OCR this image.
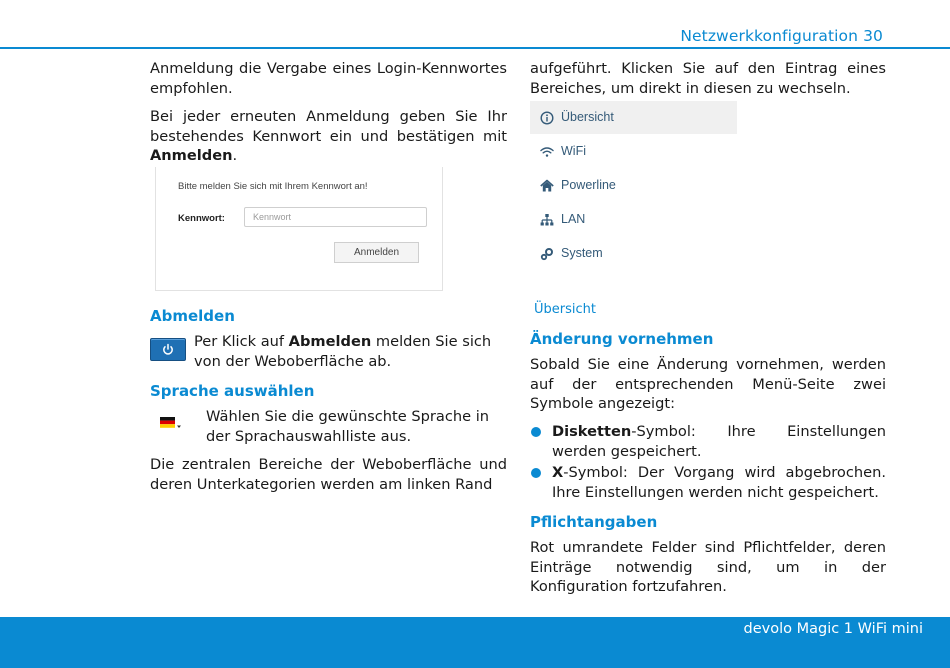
Netzwerkkonfiguration 30

Anmeldung die Vergabe eines Login-Kennwortes empfohlen.

Bei jeder erneuten Anmeldung geben Sie Ihr bestehendes Kennwort ein und bestätigen mit Anmelden.

Bitte melden Sie sich mit Ihrem Kennwort an!
Kennwort:
Anmelden
Abmelden

Per Klick auf Abmelden melden Sie sich von der Weboberfläche ab.

Sprache auswählen

Wählen Sie die gewünschte Sprache in der Sprachauswahlliste aus.

Die zentralen Bereiche der Weboberfläche und deren Unterkategorien werden am linken Rand

aufgeführt. Klicken Sie auf den Eintrag eines Bereiches, um direkt in diesen zu wechseln.

Übersicht
WiFi
Powerline
LAN
System
Übersicht
Änderung vornehmen

Sobald Sie eine Änderung vornehmen, werden auf der entsprechenden Menü-Seite zwei Symbole angezeigt:

Disketten-Symbol: Ihre Einstellungen werden gespeichert.
X-Symbol: Der Vorgang wird abgebrochen. Ihre Einstellungen werden nicht gespeichert.
Pflichtangaben

Rot umrandete Felder sind Pflichtfelder, deren Einträge notwendig sind, um in der Konfiguration fortzufahren.

devolo Magic 1 WiFi mini
